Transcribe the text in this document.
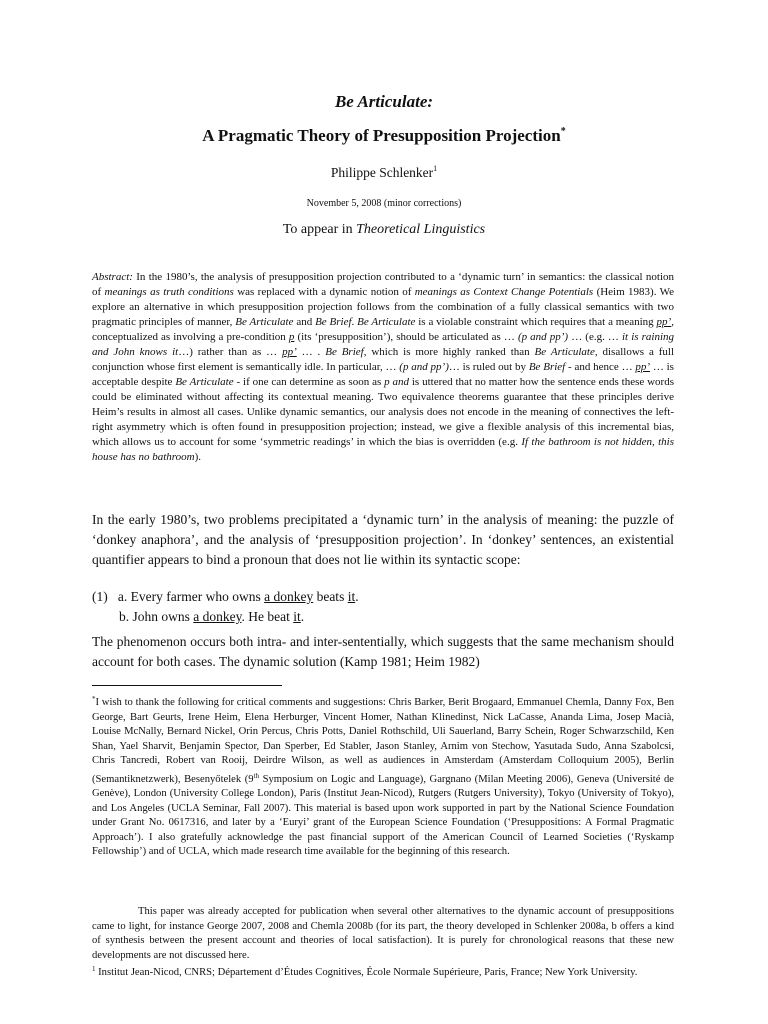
Be Articulate:
A Pragmatic Theory of Presupposition Projection*
Philippe Schlenker$^1$
November 5, 2008 (minor corrections)
To appear in Theoretical Linguistics
Abstract: In the 1980’s, the analysis of presupposition projection contributed to a ‘dynamic turn’ in semantics: the classical notion of meanings as truth conditions was replaced with a dynamic notion of meanings as Context Change Potentials (Heim 1983). We explore an alternative in which presupposition projection follows from the combination of a fully classical semantics with two pragmatic principles of manner, Be Articulate and Be Brief. Be Articulate is a violable constraint which requires that a meaning pp’, conceptualized as involving a pre-condition p (its ‘presupposition’), should be articulated as … (p and pp’) … (e.g. … it is raining and John knows it…) rather than as … pp’ … . Be Brief, which is more highly ranked than Be Articulate, disallows a full conjunction whose first element is semantically idle. In particular, … (p and pp’)… is ruled out by Be Brief - and hence … pp’ … is acceptable despite Be Articulate - if one can determine as soon as p and is uttered that no matter how the sentence ends these words could be eliminated without affecting its contextual meaning. Two equivalence theorems guarantee that these principles derive Heim’s results in almost all cases. Unlike dynamic semantics, our analysis does not encode in the meaning of connectives the left-right asymmetry which is often found in presupposition projection; instead, we give a flexible analysis of this incremental bias, which allows us to account for some ‘symmetric readings’ in which the bias is overridden (e.g. If the bathroom is not hidden, this house has no bathroom).
In the early 1980’s, two problems precipitated a ‘dynamic turn’ in the analysis of meaning: the puzzle of ‘donkey anaphora’, and the analysis of ‘presupposition projection’. In ‘donkey’ sentences, an existential quantifier appears to bind a pronoun that does not lie within its syntactic scope:
(1) a. Every farmer who owns a donkey beats it.
b. John owns a donkey. He beat it.
The phenomenon occurs both intra- and inter-sententially, which suggests that the same mechanism should account for both cases. The dynamic solution (Kamp 1981; Heim 1982)
*I wish to thank the following for critical comments and suggestions: Chris Barker, Berit Brogaard, Emmanuel Chemla, Danny Fox, Ben George, Bart Geurts, Irene Heim, Elena Herburger, Vincent Homer, Nathan Klinedinst, Nick LaCasse, Ananda Lima, Josep Macià, Louise McNally, Bernard Nickel, Orin Percus, Chris Potts, Daniel Rothschild, Uli Sauerland, Barry Schein, Roger Schwarzschild, Ken Shan, Yael Sharvit, Benjamin Spector, Dan Sperber, Ed Stabler, Jason Stanley, Arnim von Stechow, Yasutada Sudo, Anna Szabolcsi, Chris Tancredi, Robert van Rooij, Deirdre Wilson, as well as audiences in Amsterdam (Amsterdam Colloquium 2005), Berlin (Semantiknetzwerk), Besenyőtelek (9th Symposium on Logic and Language), Gargnano (Milan Meeting 2006), Geneva (Université de Genève), London (University College London), Paris (Institut Jean-Nicod), Rutgers (Rutgers University), Tokyo (University of Tokyo), and Los Angeles (UCLA Seminar, Fall 2007). This material is based upon work supported in part by the National Science Foundation under Grant No. 0617316, and later by a ‘Euryi’ grant of the European Science Foundation (‘Presuppositions: A Formal Pragmatic Approach’). I also gratefully acknowledge the past financial support of the American Council of Learned Societies (‘Ryskamp Fellowship’) and of UCLA, which made research time available for the beginning of this research.
This paper was already accepted for publication when several other alternatives to the dynamic account of presuppositions came to light, for instance George 2007, 2008 and Chemla 2008b (for its part, the theory developed in Schlenker 2008a, b offers a kind of synthesis between the present account and theories of local satisfaction). It is purely for chronological reasons that these new developments are not discussed here.
$^1$ Institut Jean-Nicod, CNRS; Département d’Études Cognitives, École Normale Supérieure, Paris, France; New York University.
